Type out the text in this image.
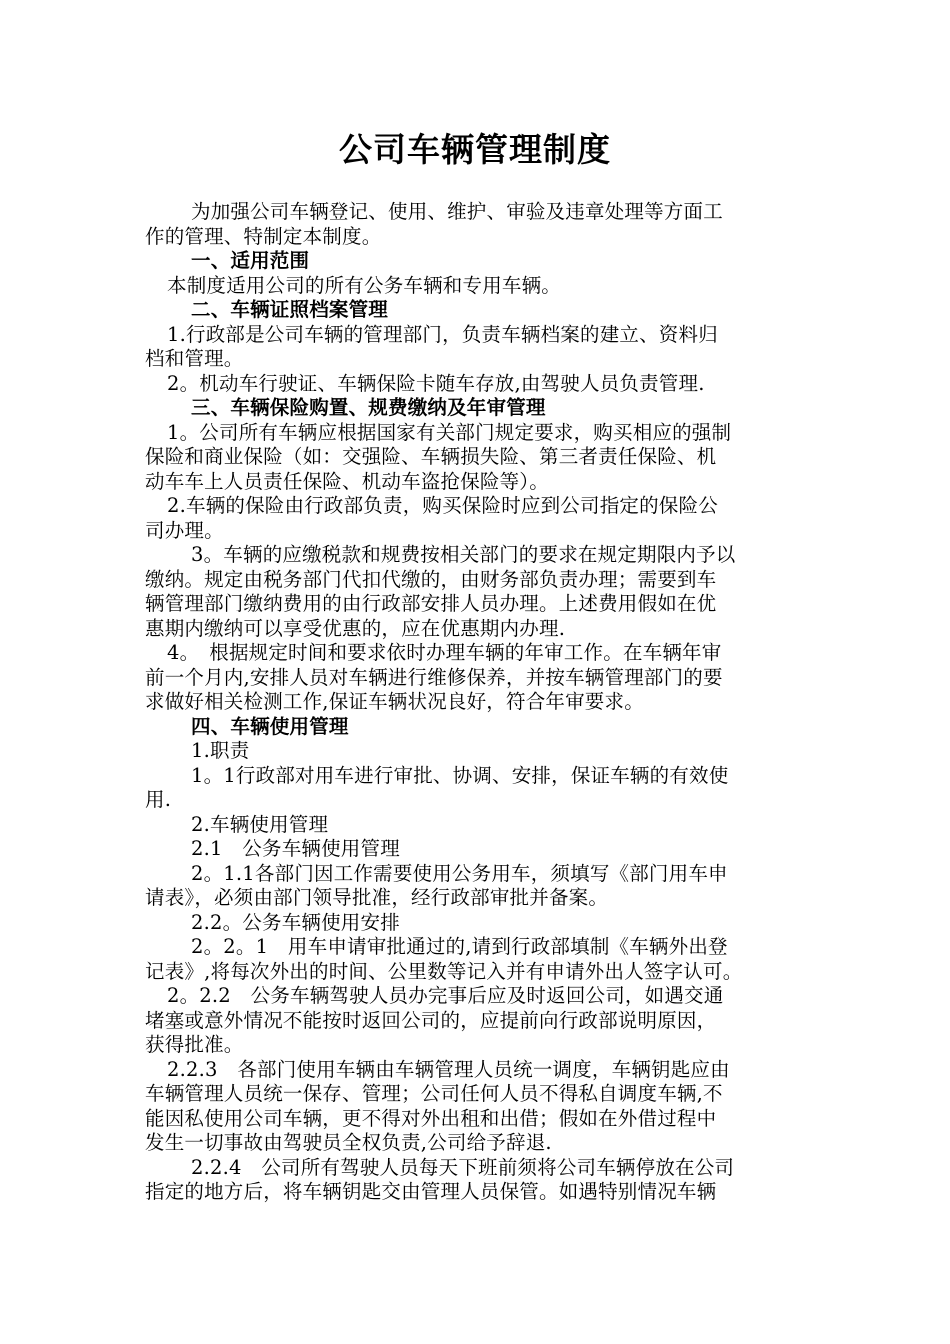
公司车辆管理制度
为加强公司车辆登记、使用、维护、审验及违章处理等方面工
作的管理、特制定本制度。
一、适用范围
本制度适用公司的所有公务车辆和专用车辆。
二、车辆证照档案管理
1.行政部是公司车辆的管理部门，负责车辆档案的建立、资料归
档和管理。
2。机动车行驶证、车辆保险卡随车存放,由驾驶人员负责管理.
三、车辆保险购置、规费缴纳及年审管理
1。公司所有车辆应根据国家有关部门规定要求，购买相应的强制
保险和商业保险（如：交强险、车辆损失险、第三者责任保险、机
动车车上人员责任保险、机动车盗抢保险等）。
2.车辆的保险由行政部负责，购买保险时应到公司指定的保险公
司办理。
3。车辆的应缴税款和规费按相关部门的要求在规定期限内予以
缴纳。规定由税务部门代扣代缴的，由财务部负责办理；需要到车
辆管理部门缴纳费用的由行政部安排人员办理。上述费用假如在优
惠期内缴纳可以享受优惠的，应在优惠期内办理.
4。　根据规定时间和要求依时办理车辆的年审工作。在车辆年审
前一个月内,安排人员对车辆进行维修保养，并按车辆管理部门的要
求做好相关检测工作,保证车辆状况良好，符合年审要求。
四、车辆使用管理
1.职责
1。1行政部对用车进行审批、协调、安排，保证车辆的有效使
用.
2.车辆使用管理
2.1　公务车辆使用管理
2。1.1各部门因工作需要使用公务用车，须填写《部门用车申
请表》，必须由部门领导批准，经行政部审批并备案。
2.2。公务车辆使用安排
2。2。1　用车申请审批通过的,请到行政部填制《车辆外出登
记表》,将每次外出的时间、公里数等记入并有申请外出人签字认可。
2。2.2　公务车辆驾驶人员办完事后应及时返回公司，如遇交通
堵塞或意外情况不能按时返回公司的，应提前向行政部说明原因，
获得批准。
2.2.3　各部门使用车辆由车辆管理人员统一调度，车辆钥匙应由
车辆管理人员统一保存、管理；公司任何人员不得私自调度车辆,不
能因私使用公司车辆，更不得对外出租和出借；假如在外借过程中
发生一切事故由驾驶员全权负责,公司给予辞退.
2.2.4　公司所有驾驶人员每天下班前须将公司车辆停放在公司
指定的地方后，将车辆钥匙交由管理人员保管。如遇特别情况车辆
